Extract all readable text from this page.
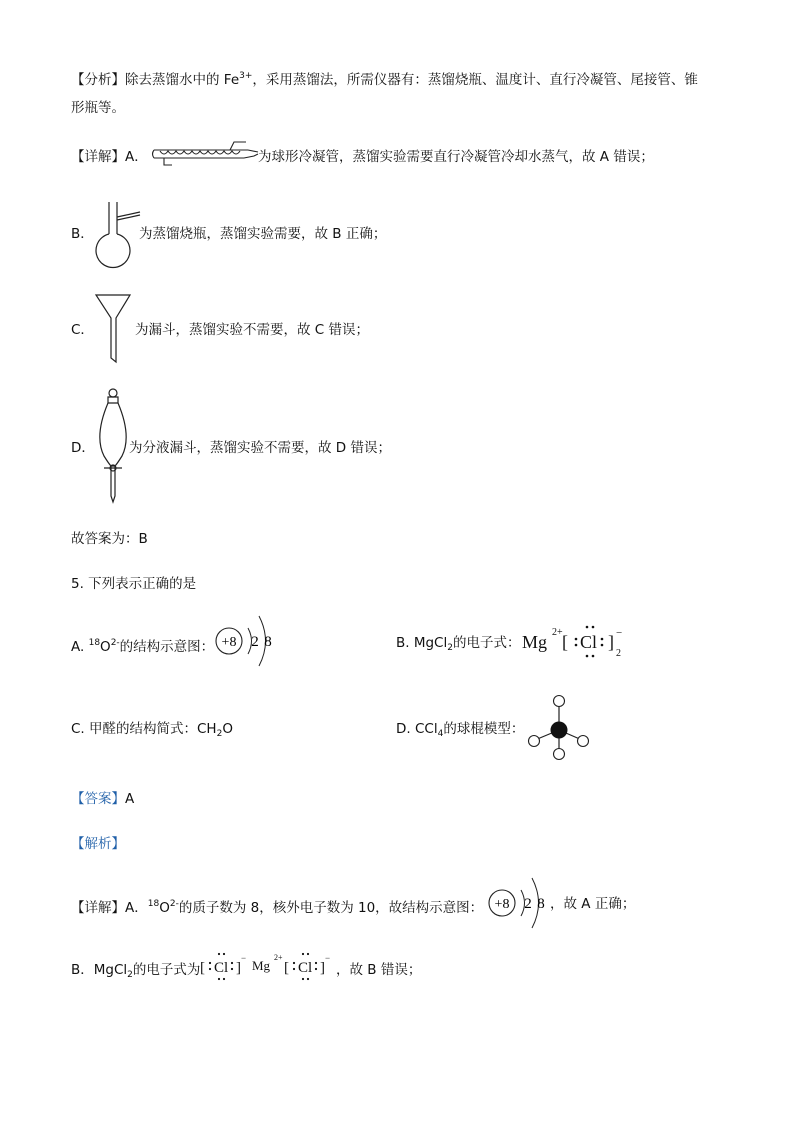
【分析】除去蒸馏水中的 $Fe^{3+}$，采用蒸馏法，所需仪器有：蒸馏烧瓶、温度计、直行冷凝管、尾接管、锥
形瓶等。
【详解】A．	为球形冷凝管，蒸馏实验需要直行冷凝管冷却水蒸气，故 A 错误；
B．	为蒸馏烧瓶，蒸馏实验需要，故 B 正确；
C．	为漏斗，蒸馏实验不需要，故 C 错误；
D．	为分液漏斗，蒸馏实验不需要，故 D 错误；
故答案为：B
5. 下列表示正确的是
A. $^{18}O^{2-}$的结构示意图： +8 2 8	B. MgCl$_2$的电子式： Mg 2+ [ Cl ] −
2
C. 甲醛的结构简式：$CH_2O$	D. CCl$_4$的球棍模型：
【答案】A
【解析】
【详解】A．$^{18}O^{2-}$的质子数为 8，核外电子数为 10，故结构示意图： +8 2 8 ，故 A 正确；
B．MgCl$_2$的电子式为 [ Cl ]
− Mg
2+
[ Cl ]
−
，故 B 错误；
